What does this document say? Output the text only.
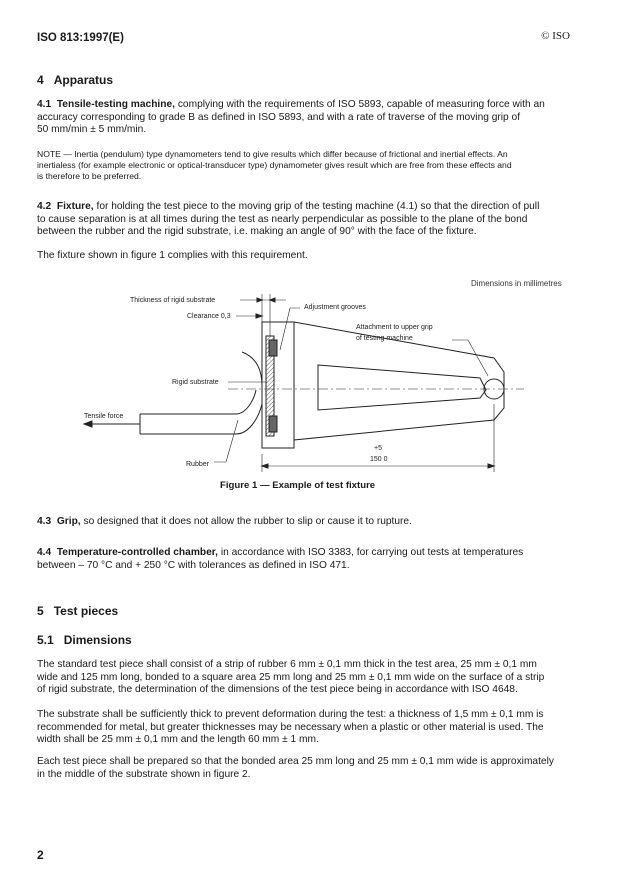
ISO 813:1997(E)	© ISO
4 Apparatus
4.1 Tensile-testing machine, complying with the requirements of ISO 5893, capable of measuring force with an
accuracy corresponding to grade B as defined in ISO 5893, and with a rate of traverse of the moving grip of
50 mm/min ± 5 mm/min.
NOTE — Inertia (pendulum) type dynamometers tend to give results which differ because of frictional and inertial effects. An
inertialess (for example electronic or optical-transducer type) dynamometer gives result which are free from these effects and
is therefore to be preferred.
4.2 Fixture, for holding the test piece to the moving grip of the testing machine (4.1) so that the direction of pull
to cause separation is at all times during the test as nearly perpendicular as possible to the plane of the bond
between the rubber and the rigid substrate, i.e. making an angle of 90° with the face of the fixture.
The fixture shown in figure 1 complies with this requirement.
Dimensions in millimetres
Thickness of rigid substrate
Clearance 0,3
Adjustment grooves
Attachment to upper grip
of testing machine
Rigid substrate
Tensile force
Rubber
+5
150 0
Figure 1 — Example of test fixture
4.3 Grip, so designed that it does not allow the rubber to slip or cause it to rupture.
4.4 Temperature-controlled chamber, in accordance with ISO 3383, for carrying out tests at temperatures
between – 70 °C and + 250 °C with tolerances as defined in ISO 471.
5 Test pieces
5.1 Dimensions
The standard test piece shall consist of a strip of rubber 6 mm ± 0,1 mm thick in the test area, 25 mm ± 0,1 mm
wide and 125 mm long, bonded to a square area 25 mm long and 25 mm ± 0,1 mm wide on the surface of a strip
of rigid substrate, the determination of the dimensions of the test piece being in accordance with ISO 4648.
The substrate shall be sufficiently thick to prevent deformation during the test: a thickness of 1,5 mm ± 0,1 mm is
recommended for metal, but greater thicknesses may be necessary when a plastic or other material is used. The
width shall be 25 mm ± 0,1 mm and the length 60 mm ± 1 mm.
Each test piece shall be prepared so that the bonded area 25 mm long and 25 mm ± 0,1 mm wide is approximately
in the middle of the substrate shown in figure 2.
2
